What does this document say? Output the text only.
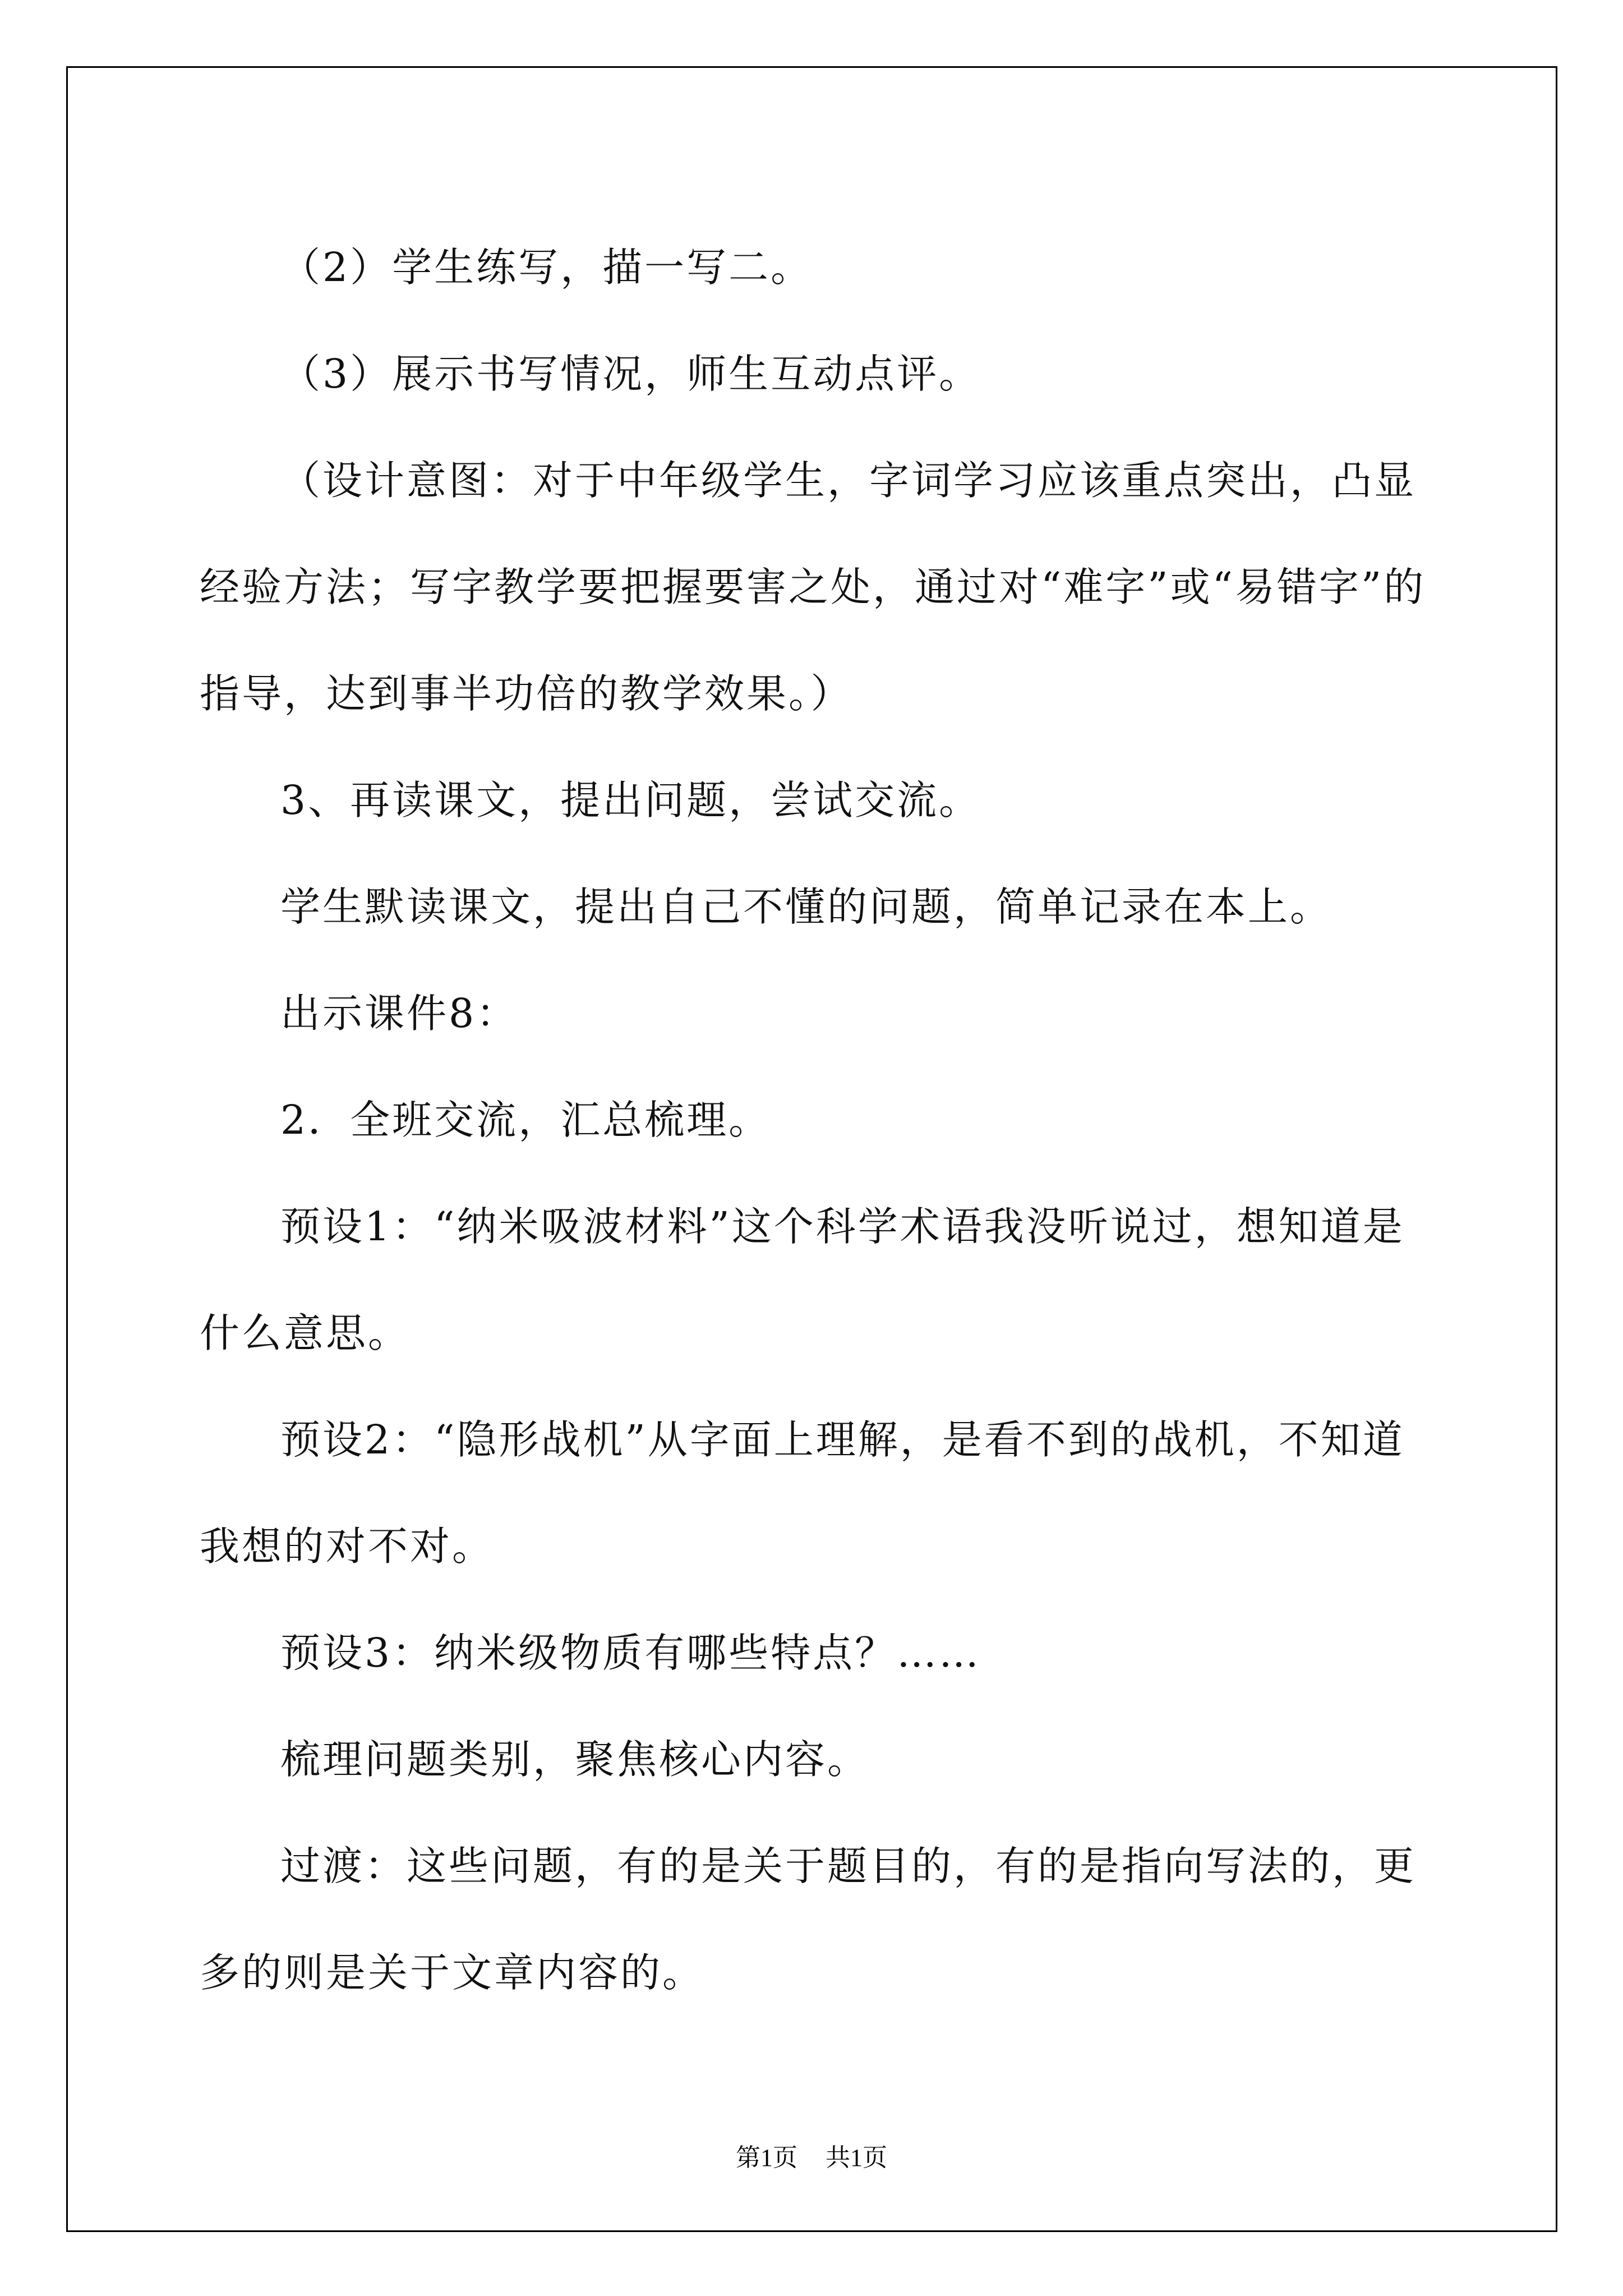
（2）学生练写，描一写二。

（3）展示书写情况，师生互动点评。

（设计意图：对于中年级学生，字词学习应该重点突出，凸显经验方法；写字教学要把握要害之处，通过对“难字”或“易错字”的指导，达到事半功倍的教学效果。）

3、再读课文，提出问题，尝试交流。

学生默读课文，提出自己不懂的问题，简单记录在本上。

出示课件8：

2．全班交流，汇总梳理。

预设1：“纳米吸波材料”这个科学术语我没听说过，想知道是什么意思。

预设2：“隐形战机”从字面上理解，是看不到的战机，不知道我想的对不对。

预设3：纳米级物质有哪些特点？……

梳理问题类别，聚焦核心内容。

过渡：这些问题，有的是关于题目的，有的是指向写法的，更多的则是关于文章内容的。

第1页 共1页
